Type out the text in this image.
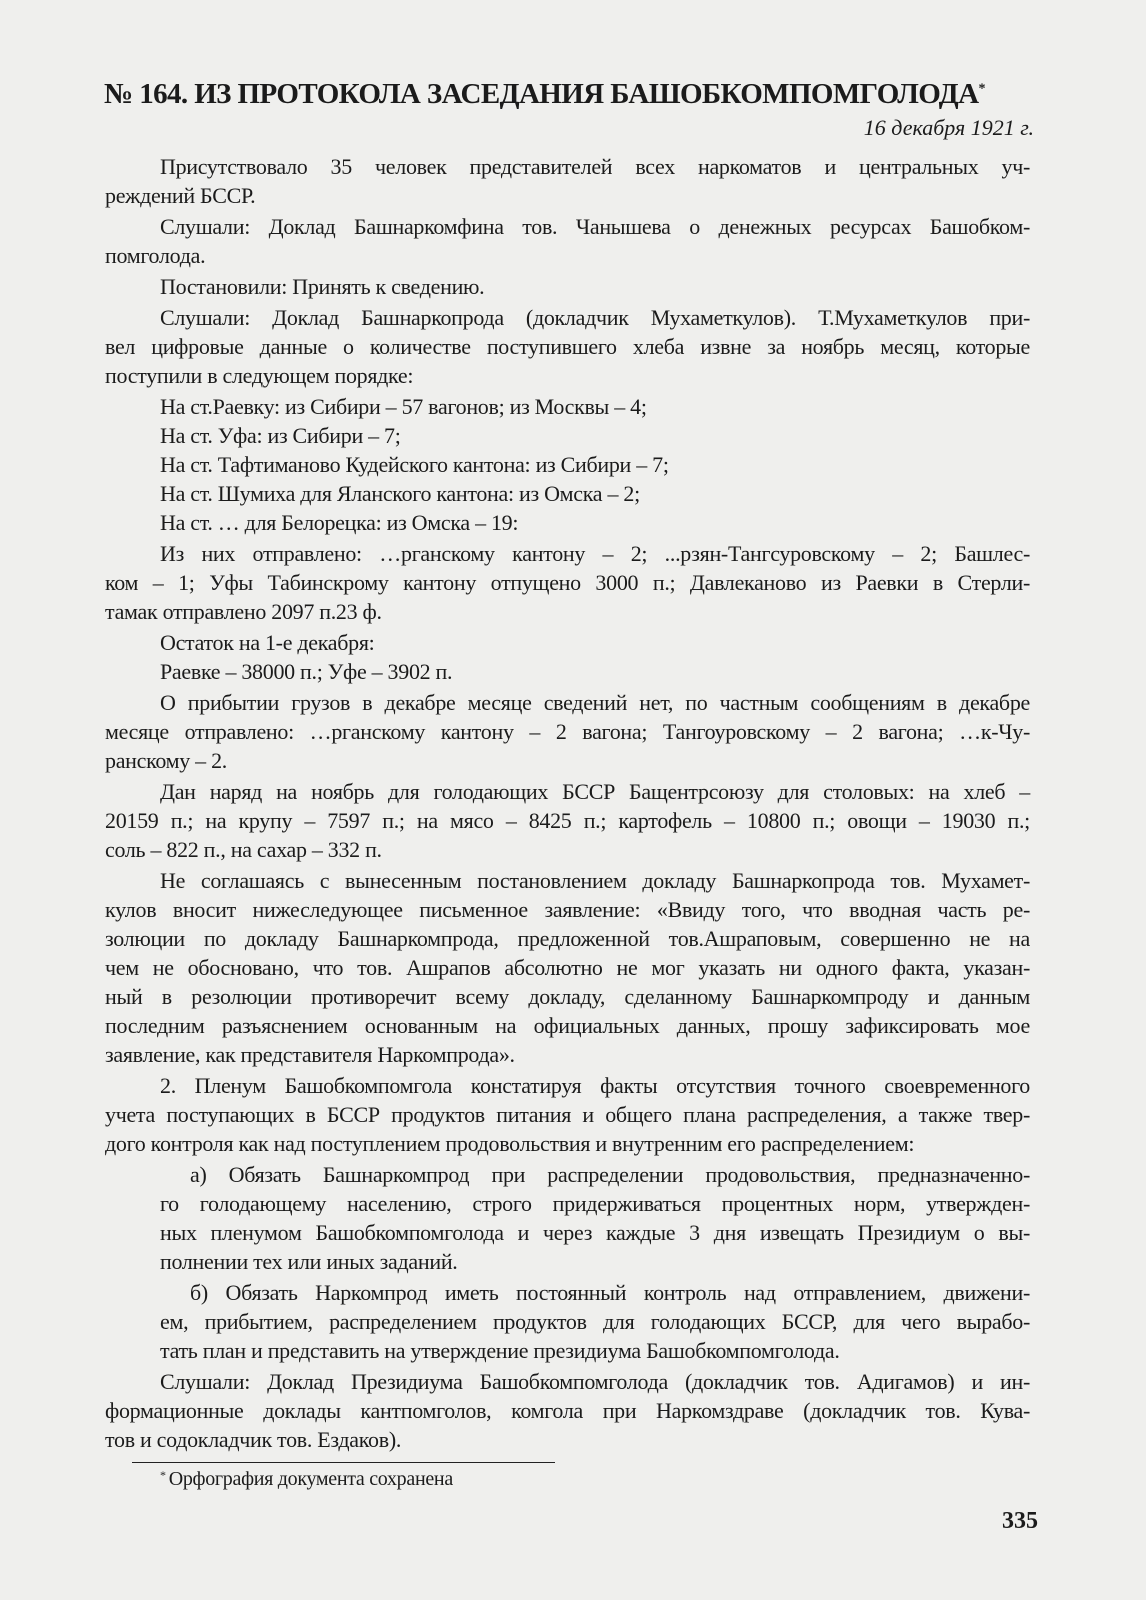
№ 164. ИЗ ПРОТОКОЛА ЗАСЕДАНИЯ БАШОБКОМПОМГОЛОДА*
16 декабря 1921 г.
Присутствовало 35 человек представителей всех наркоматов и центральных уч-
реждений БССР.
Слушали: Доклад Башнаркомфина тов. Чанышева о денежных ресурсах Башобком-
помголода.
Постановили: Принять к сведению.
Слушали: Доклад Башнаркопрода (докладчик Мухаметкулов). Т.Мухаметкулов при-
вел цифровые данные о количестве поступившего хлеба извне за ноябрь месяц, которые
поступили в следующем порядке:
На ст.Раевку: из Сибири – 57 вагонов; из Москвы – 4;
На ст. Уфа: из Сибири – 7;
На ст. Тафтиманово Кудейского кантона: из Сибири – 7;
На ст. Шумиха для Яланского кантона: из Омска – 2;
На ст. … для Белорецка: из Омска – 19:
Из них отправлено: …рганскому кантону – 2; ...рзян-Тангсуровскому – 2; Башлес-
ком – 1; Уфы Табинскрому кантону отпущено 3000 п.; Давлеканово из Раевки в Стерли-
тамак отправлено 2097 п.23 ф.
Остаток на 1-е декабря:
Раевке – 38000 п.; Уфе – 3902 п.
О прибытии грузов в декабре месяце сведений нет, по частным сообщениям в декабре
месяце отправлено: …рганскому кантону – 2 вагона; Тангоуровскому – 2 вагона; …к-Чу-
ранскому – 2.
Дан наряд на ноябрь для голодающих БССР Бащентрсоюзу для столовых: на хлеб –
20159 п.; на крупу – 7597 п.; на мясо – 8425 п.; картофель – 10800 п.; овощи – 19030 п.;
соль – 822 п., на сахар – 332 п.
Не соглашаясь с вынесенным постановлением докладу Башнаркопрода тов. Мухамет-
кулов вносит нижеследующее письменное заявление: «Ввиду того, что вводная часть ре-
золюции по докладу Башнаркомпрода, предложенной тов.Ашраповым, совершенно не на
чем не обосновано, что тов. Ашрапов абсолютно не мог указать ни одного факта, указан-
ный в резолюции противоречит всему докладу, сделанному Башнаркомпроду и данным
последним разъяснением основанным на официальных данных, прошу зафиксировать мое
заявление, как представителя Наркомпрода».
2. Пленум Башобкомпомгола констатируя факты отсутствия точного своевременного
учета поступающих в БССР продуктов питания и общего плана распределения, а также твер-
дого контроля как над поступлением продовольствия и внутренним его распределением:
а) Обязать Башнаркомпрод при распределении продовольствия, предназначенно-
го голодающему населению, строго придерживаться процентных норм, утвержден-
ных пленумом Башобкомпомголода и через каждые 3 дня извещать Президиум о вы-
полнении тех или иных заданий.
б) Обязать Наркомпрод иметь постоянный контроль над отправлением, движени-
ем, прибытием, распределением продуктов для голодающих БССР, для чего вырабо-
тать план и представить на утверждение президиума Башобкомпомголода.
Слушали: Доклад Президиума Башобкомпомголода (докладчик тов. Адигамов) и ин-
формационные доклады кантпомголов, комгола при Наркомздраве (докладчик тов. Кува-
тов и содокладчик тов. Ездаков).
* Орфография документа сохранена
335
